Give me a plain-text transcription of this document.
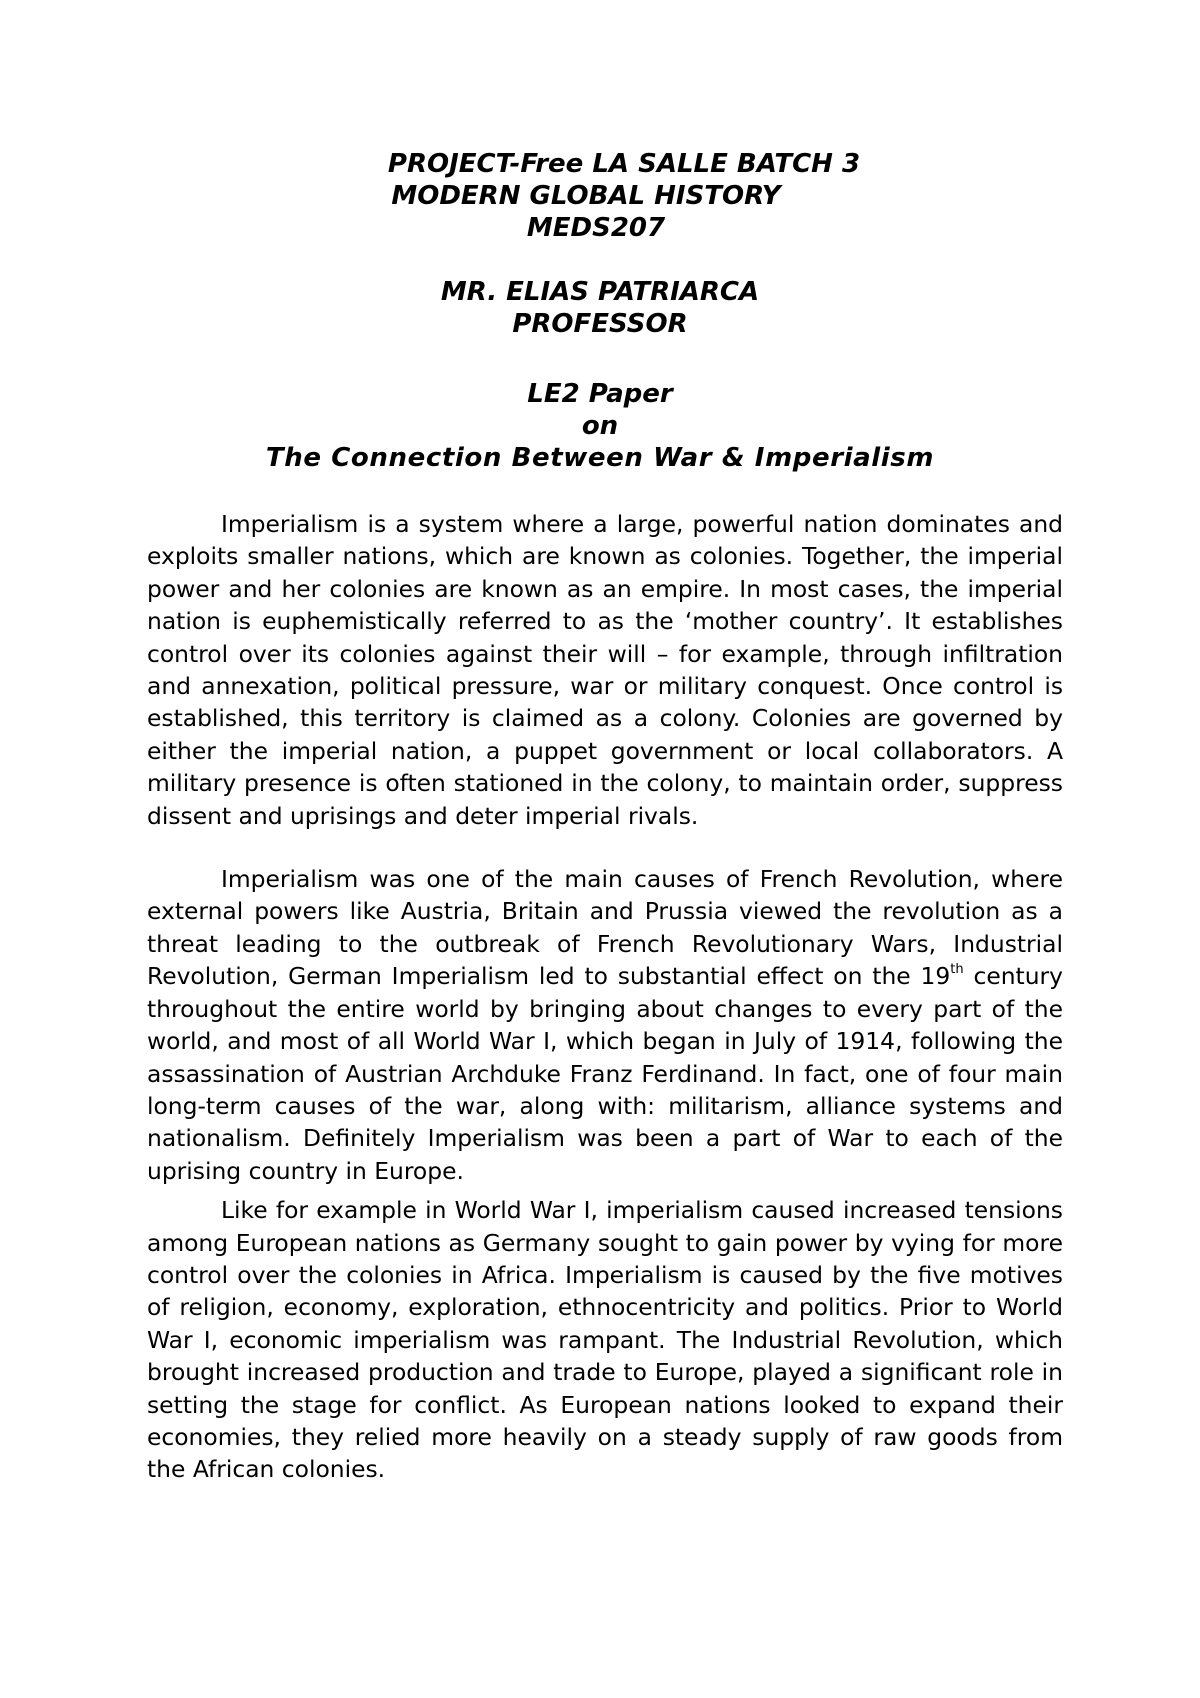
PROJECT-Free LA SALLE BATCH 3
MODERN GLOBAL HISTORY
MEDS207
MR. ELIAS PATRIARCA
PROFESSOR
LE2 Paper
on
The Connection Between War & Imperialism

Imperialism is a system where a large, powerful nation dominates and exploits smaller nations, which are known as colonies. Together, the imperial power and her colonies are known as an empire. In most cases, the imperial nation is euphemistically referred to as the ‘mother country’. It establishes control over its colonies against their will – for example, through infiltration and annexation, political pressure, war or military conquest. Once control is established, this territory is claimed as a colony. Colonies are governed by either the imperial nation, a puppet government or local collaborators. A military presence is often stationed in the colony, to maintain order, suppress dissent and uprisings and deter imperial rivals.

Imperialism was one of the main causes of French Revolution, where external powers like Austria, Britain and Prussia viewed the revolution as a threat leading to the outbreak of French Revolutionary Wars, Industrial Revolution, German Imperialism led to substantial effect on the 19th century throughout the entire world by bringing about changes to every part of the world, and most of all World War I, which began in July of 1914, following the assassination of Austrian Archduke Franz Ferdinand. In fact, one of four main long-term causes of the war, along with: militarism, alliance systems and nationalism. Definitely Imperialism was been a part of War to each of the uprising country in Europe.

Like for example in World War I, imperialism caused increased tensions among European nations as Germany sought to gain power by vying for more control over the colonies in Africa. Imperialism is caused by the five motives of religion, economy, exploration, ethnocentricity and politics. Prior to World War I, economic imperialism was rampant. The Industrial Revolution, which brought increased production and trade to Europe, played a significant role in setting the stage for conflict. As European nations looked to expand their economies, they relied more heavily on a steady supply of raw goods from the African colonies.
